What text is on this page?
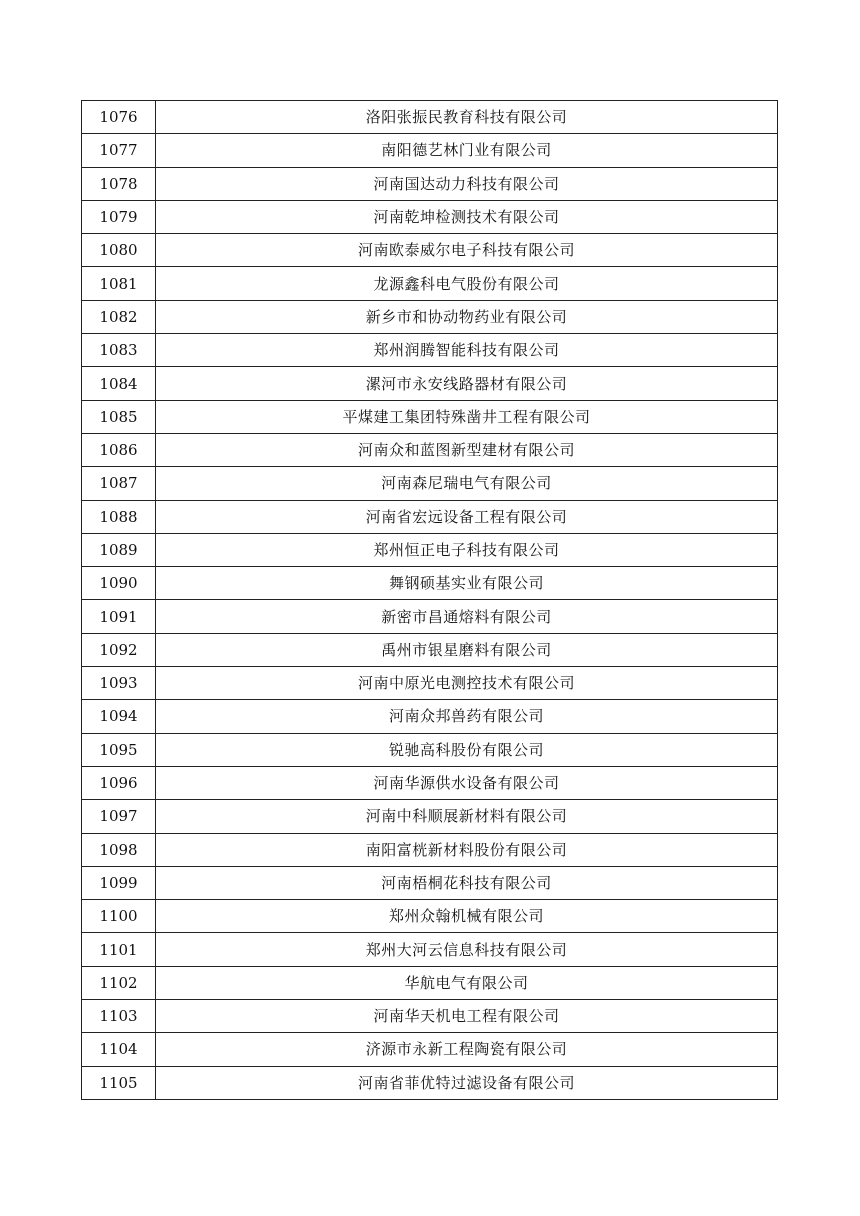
1076	洛阳张振民教育科技有限公司
1077	南阳德艺林门业有限公司
1078	河南国达动力科技有限公司
1079	河南乾坤检测技术有限公司
1080	河南欧泰威尔电子科技有限公司
1081	龙源鑫科电气股份有限公司
1082	新乡市和协动物药业有限公司
1083	郑州润腾智能科技有限公司
1084	漯河市永安线路器材有限公司
1085	平煤建工集团特殊凿井工程有限公司
1086	河南众和蓝图新型建材有限公司
1087	河南森尼瑞电气有限公司
1088	河南省宏远设备工程有限公司
1089	郑州恒正电子科技有限公司
1090	舞钢硕基实业有限公司
1091	新密市昌通熔料有限公司
1092	禹州市银星磨料有限公司
1093	河南中原光电测控技术有限公司
1094	河南众邦兽药有限公司
1095	锐驰高科股份有限公司
1096	河南华源供水设备有限公司
1097	河南中科顺展新材料有限公司
1098	南阳富桄新材料股份有限公司
1099	河南梧桐花科技有限公司
1100	郑州众翰机械有限公司
1101	郑州大河云信息科技有限公司
1102	华航电气有限公司
1103	河南华天机电工程有限公司
1104	济源市永新工程陶瓷有限公司
1105	河南省菲优特过滤设备有限公司
